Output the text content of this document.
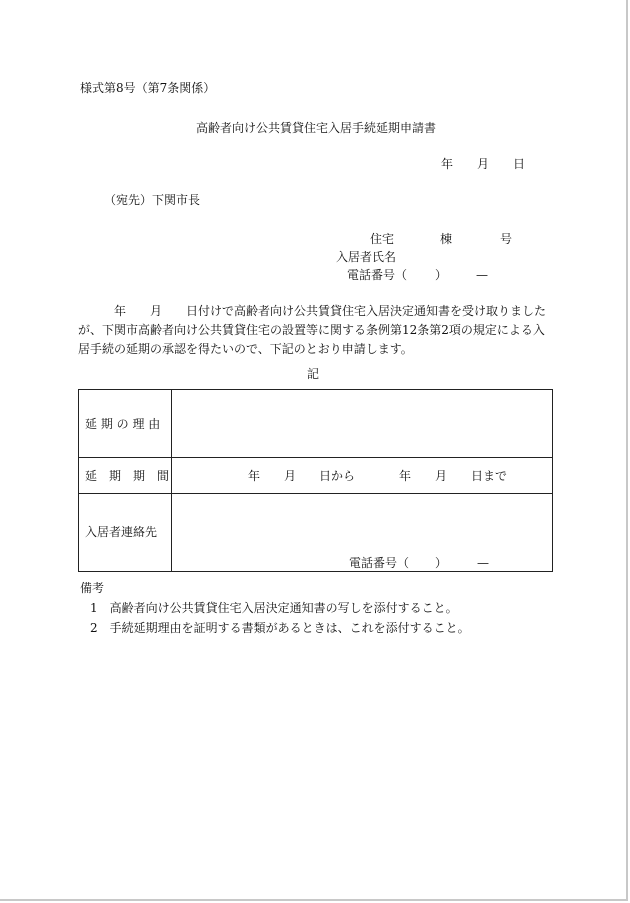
様式第8号（第7条関係）
高齢者向け公共賃貸住宅入居手続延期申請書
年 月 日
（宛先）下関市長
住宅	棟	号
入居者氏名
電話番号（ ） —
　　　年　　月　　日付けで高齢者向け公共賃貸住宅入居決定通知書を受け取りましたが、下関市高齢者向け公共賃貸住宅の設置等に関する条例第12条第2項の規定による入居手続の延期の承認を得たいので、下記のとおり申請します。
記
延 期 の 理 由
延　期　期　間	年 月 日から	年 月 日まで
入居者連絡先
電話番号（ ） —
備考
1　高齢者向け公共賃貸住宅入居決定通知書の写しを添付すること。
2　手続延期理由を証明する書類があるときは、これを添付すること。
